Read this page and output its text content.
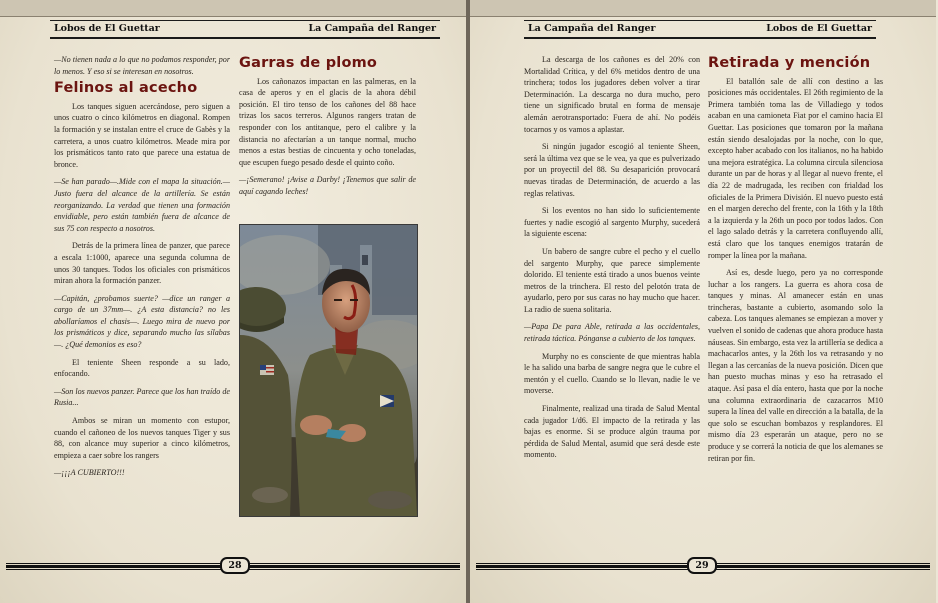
Lobos de El Guettar	La Campaña del Ranger

—No tienen nada a lo que no podamos responder, por lo menos. Y eso si se interesan en nosotros.

Felinos al acecho

Los tanques siguen acercándose, pero siguen a unos cuatro o cinco kilómetros en diagonal. Rompen la formación y se instalan entre el cruce de Gabès y la carretera, a unos cuatro kilómetros. Meade mira por los prismáticos tanto rato que parece una estatua de bronce.

—Se han parado—.Mide con el mapa la situación.—Justo fuera del alcance de la artillería. Se están reorganizando. La verdad que tienen una formación envidiable, pero están también fuera de alcance de sus 75 con respecto a nosotros.

Detrás de la primera línea de panzer, que parece a escala 1:1000, aparece una segunda columna de unos 30 tanques. Todos los oficiales con prismáticos miran ahora la formación panzer.

—Capitán, ¿probamos suerte? —dice un ranger a cargo de un 37mm—. ¿A esta distancia? no les abollaríamos el chasis—. Luego mira de nuevo por los prismáticos y dice, separando mucho las sílabas—. ¿Qué demonios es eso?

El teniente Sheen responde a su lado, enfocando.

—Son los nuevos panzer. Parece que los han traído de Rusia...

Ambos se miran un momento con estupor, cuando el cañoneo de los nuevos tanques Tiger y sus 88, con alcance muy superior a cinco kilómetros, empieza a caer sobre los rangers

—¡¡¡A CUBIERTO!!!

Garras de plomo

Los cañonazos impactan en las palmeras, en la casa de aperos y en el glacis de la ahora débil posición. El tiro tenso de los cañones del 88 hace trizas los sacos terreros. Algunos rangers tratan de responder con los antitanque, pero el calibre y la distancia no afectarían a un tanque normal, mucho menos a estas bestias de cincuenta y ocho toneladas, que escupen fuego pesado desde el quinto coño.

—¡Semerano! ¡Avise a Darby! ¡Tenemos que salir de aquí cagando leches!

28
La Campaña del Ranger	Lobos de El Guettar

La descarga de los cañones es del 20% con Mortalidad Crítica, y del 6% metidos dentro de una trinchera; todos los jugadores deben volver a tirar Determinación. La descarga no dura mucho, pero tiene un significado brutal en forma de mensaje alemán aerotransportado: Fuera de ahí. No podéis tocarnos y os vamos a aplastar.

Si ningún jugador escogió al teniente Sheen, será la última vez que se le vea, ya que es pulverizado por un proyectil del 88. Su desaparición provocará nuevas tiradas de Determinación, de acuerdo a las reglas relativas.

Si los eventos no han sido lo suficientemente fuertes y nadie escogió al sargento Murphy, sucederá la siguiente escena:

Un babero de sangre cubre el pecho y el cuello del sargento Murphy, que parece simplemente dolorido. El teniente está tirado a unos buenos veinte metros de la trinchera. El resto del pelotón trata de ayudarlo, pero por sus caras no hay mucho que hacer. La radio de suena solitaria.

—Papa De para Able, retirada a las occidentales, retirada táctica. Pónganse a cubierto de los tanques.

Murphy no es consciente de que mientras habla le ha salido una barba de sangre negra que le cubre el mentón y el cuello. Cuando se lo llevan, nadie le ve moverse.

Finalmente, realizad una tirada de Salud Mental cada jugador 1/d6. El impacto de la retirada y las bajas es enorme. Si se produce algún trauma por pérdida de Salud Mental, asumid que será desde este momento.

Retirada y mención

El batallón sale de allí con destino a las posiciones más occidentales. El 26th regimiento de la Primera también toma las de Villadiego y todos acaban en una camioneta Fiat por el camino hacia El Guettar. Las posiciones que tomaron por la mañana están siendo desalojadas por la noche, con lo que, excepto haber acabado con los italianos, no ha habido una mejora estratégica. La columna circula silenciosa durante un par de horas y al llegar al nuevo frente, el día 22 de madrugada, les reciben con frialdad los oficiales de la Primera División. El nuevo puesto está en el margen derecho del frente, con la 16th y la 18th a la izquierda y la 26th un poco por todos lados. Con el lago salado detrás y la carretera confluyendo allí, está claro que los tanques enemigos tratarán de romper la línea por la mañana.

Así es, desde luego, pero ya no corresponde luchar a los rangers. La guerra es ahora cosa de tanques y minas. Al amanecer están en unas trincheras, bastante a cubierto, asomando solo la cabeza. Los tanques alemanes se empiezan a mover y vuelven el sonido de cadenas que ahora produce hasta náuseas. Sin embargo, esta vez la artillería se dedica a machacarlos antes, y la 26th los va retrasando y no llegan a las cercanías de la nueva posición. Dicen que han puesto muchas minas y eso ha retrasado el ataque. Así pasa el día entero, hasta que por la noche una columna extraordinaria de cazacarros M10 supera la línea del valle en dirección a la batalla, de la que solo se escuchan bombazos y resplandores. El mismo día 23 esperarán un ataque, pero no se produce y se correrá la noticia de que los alemanes se retiran por fin.

29
